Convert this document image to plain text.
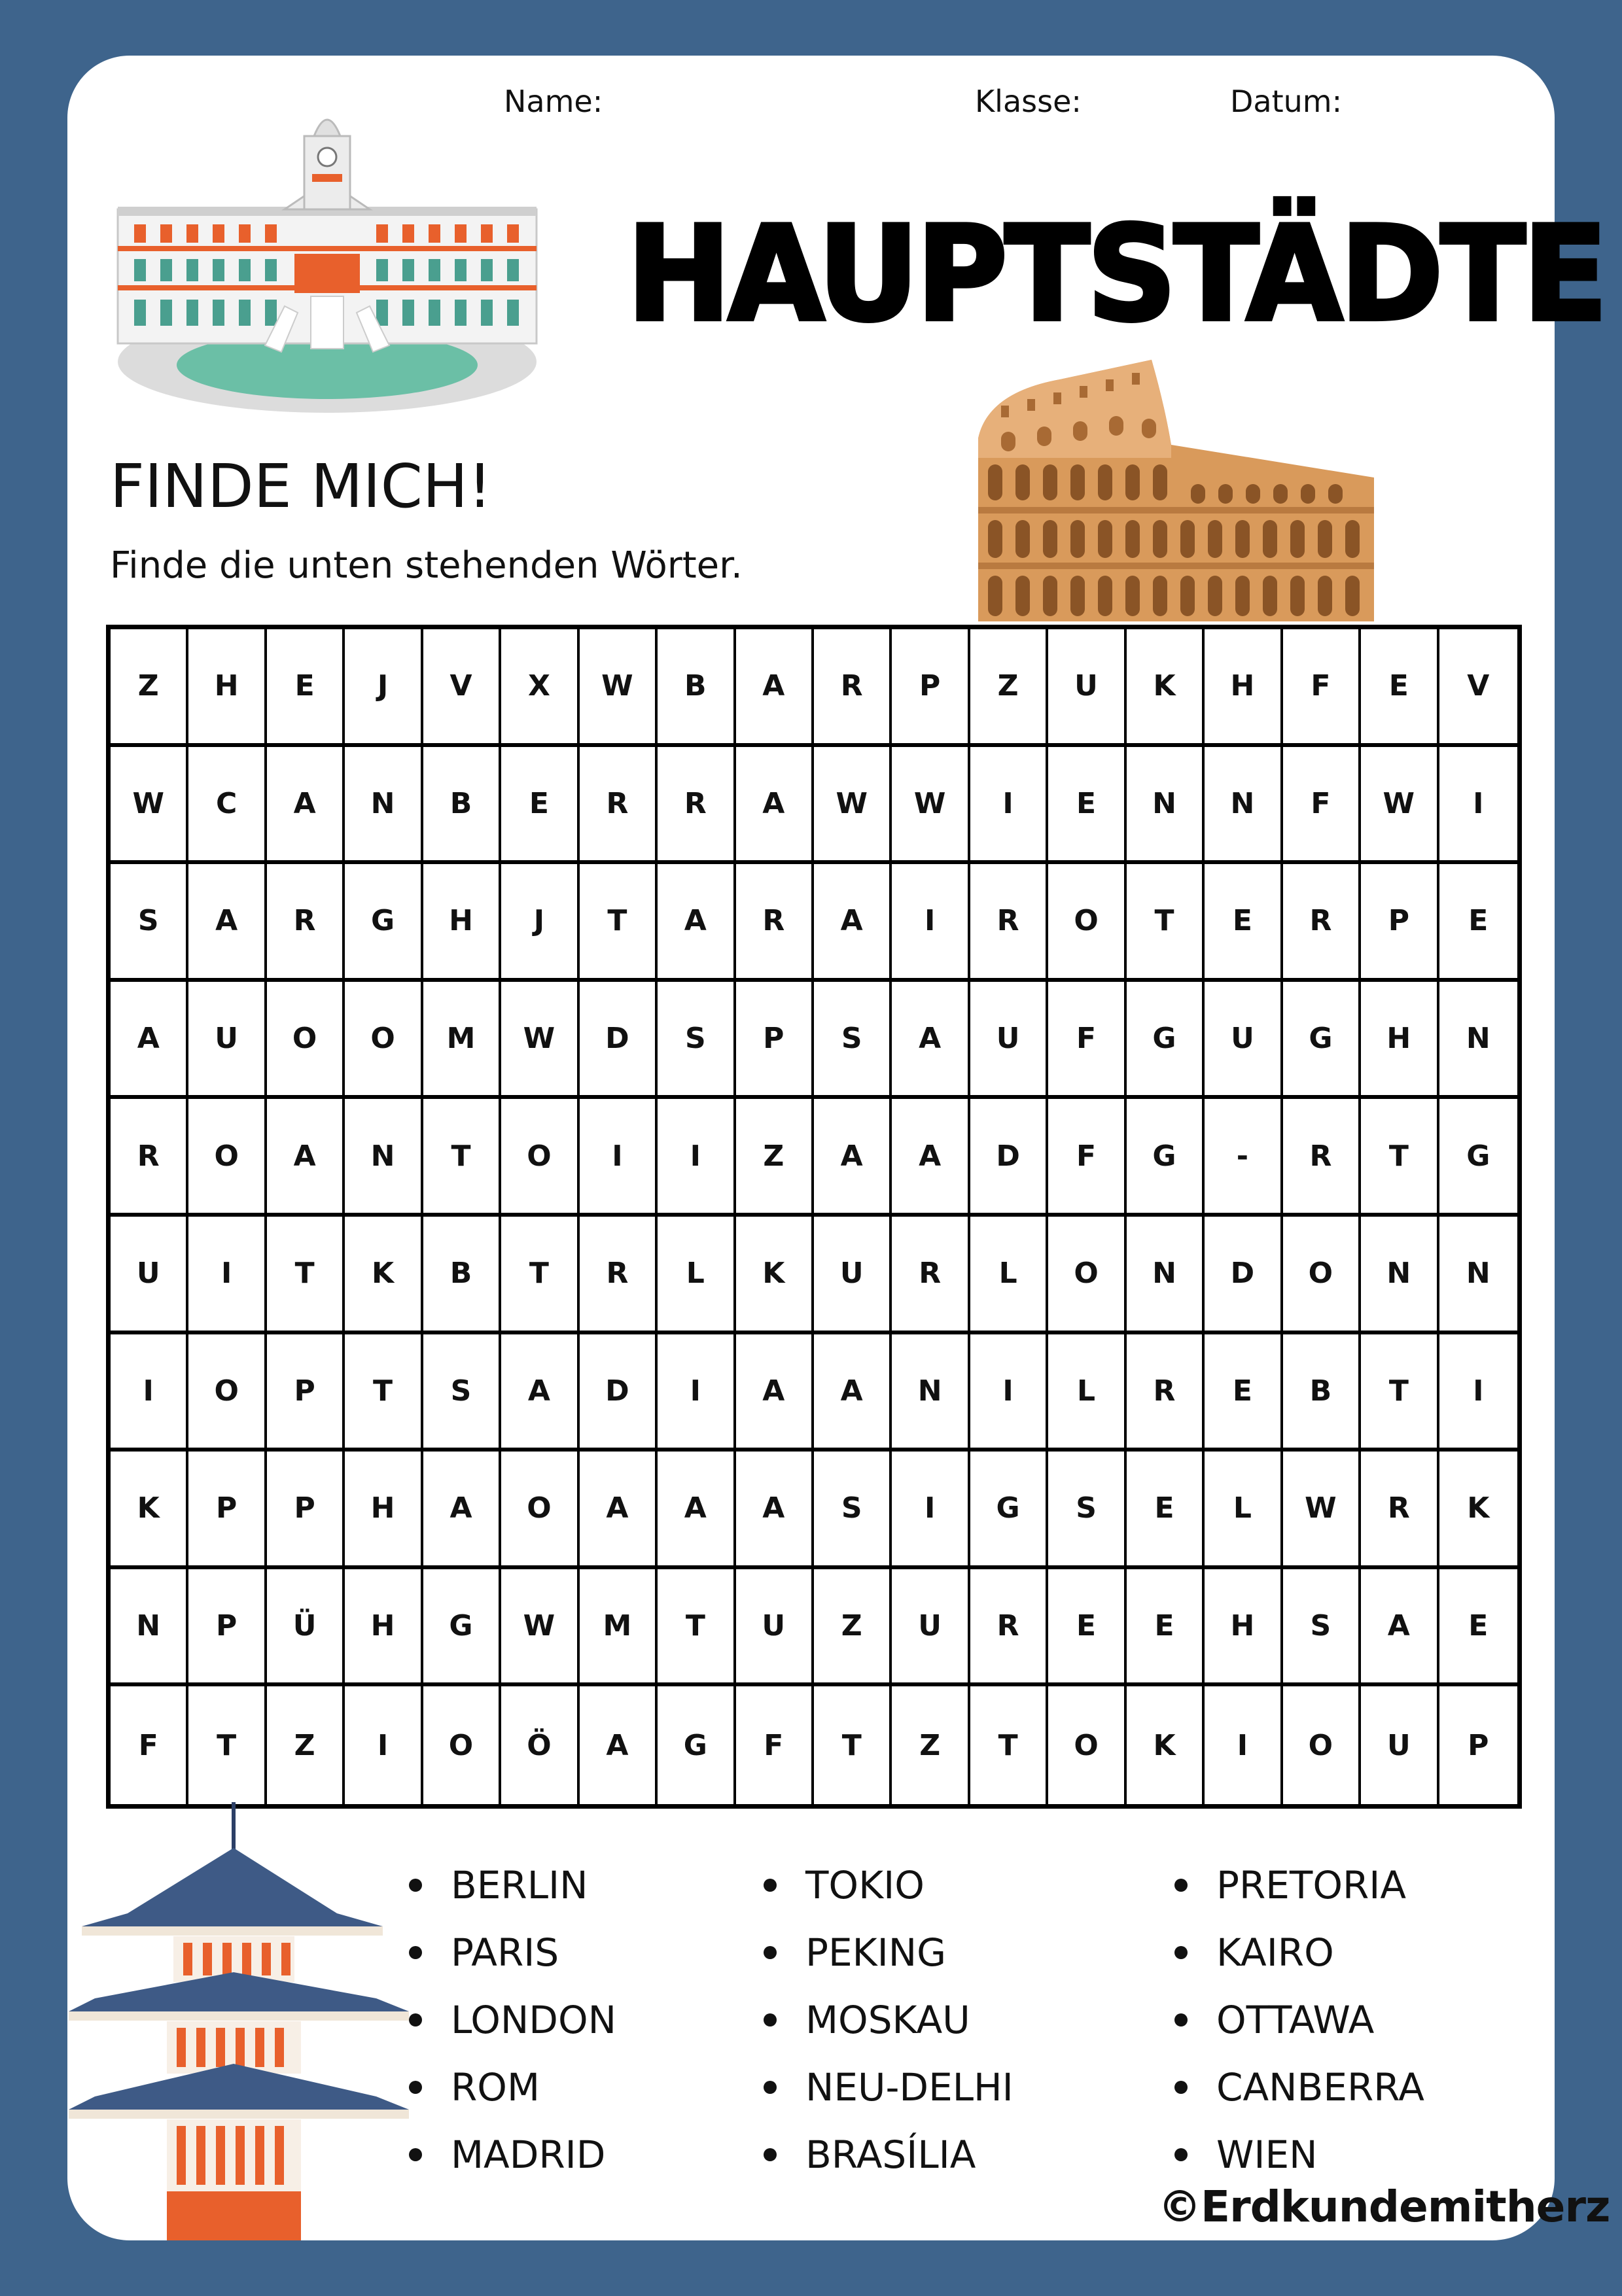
Name:	Klasse:	Datum:
HAUPTSTÄDTE
FINDE MICH!
Finde die unten stehenden Wörter.
Z	H	E	J	V	X	W	B	A	R	P	Z	U	K	H	F	E	V
W	C	A	N	B	E	R	R	A	W	W	I	E	N	N	F	W	I
S	A	R	G	H	J	T	A	R	A	I	R	O	T	E	R	P	E
A	U	O	O	M	W	D	S	P	S	A	U	F	G	U	G	H	N
R	O	A	N	T	O	I	I	Z	A	A	D	F	G	-	R	T	G
U	I	T	K	B	T	R	L	K	U	R	L	O	N	D	O	N	N
I	O	P	T	S	A	D	I	A	A	N	I	L	R	E	B	T	I
K	P	P	H	A	O	A	A	A	S	I	G	S	E	L	W	R	K
N	P	Ü	H	G	W	M	T	U	Z	U	R	E	E	H	S	A	E
F	T	Z	I	O	Ö	A	G	F	T	Z	T	O	K	I	O	U	P
BERLIN
PARIS
LONDON
ROM
MADRID
TOKIO
PEKING
MOSKAU
NEU-DELHI
BRASÍLIA
PRETORIA
KAIRO
OTTAWA
CANBERRA
WIEN
©Erdkundemitherz
